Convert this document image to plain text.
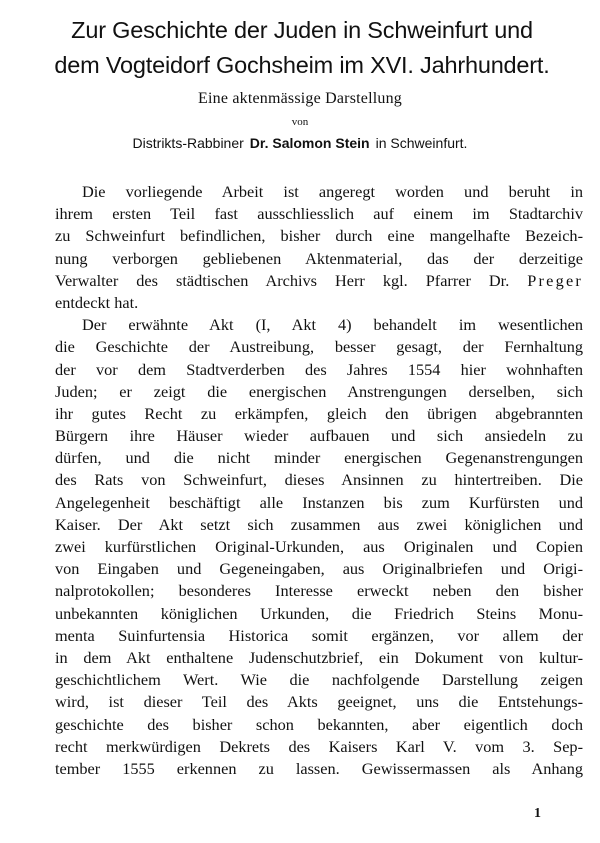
Zur Geschichte der Juden in Schweinfurt und
dem Vogteidorf Gochsheim im XVI. Jahrhundert.
Eine aktenmässige Darstellung
von
Distrikts-Rabbiner Dr. Salomon Stein in Schweinfurt.
Die vorliegende Arbeit ist angeregt worden und beruht in
ihrem ersten Teil fast ausschliesslich auf einem im Stadtarchiv
zu Schweinfurt befindlichen, bisher durch eine mangelhafte Bezeich-
nung verborgen gebliebenen Aktenmaterial, das der derzeitige
Verwalter des städtischen Archivs Herr kgl. Pfarrer Dr. Preger
entdeckt hat.
Der erwähnte Akt (I, Akt 4) behandelt im wesentlichen
die Geschichte der Austreibung, besser gesagt, der Fernhaltung
der vor dem Stadtverderben des Jahres 1554 hier wohnhaften
Juden; er zeigt die energischen Anstrengungen derselben, sich
ihr gutes Recht zu erkämpfen, gleich den übrigen abgebrannten
Bürgern ihre Häuser wieder aufbauen und sich ansiedeln zu
dürfen, und die nicht minder energischen Gegenanstrengungen
des Rats von Schweinfurt, dieses Ansinnen zu hintertreiben. Die
Angelegenheit beschäftigt alle Instanzen bis zum Kurfürsten und
Kaiser. Der Akt setzt sich zusammen aus zwei königlichen und
zwei kurfürstlichen Original-Urkunden, aus Originalen und Copien
von Eingaben und Gegeneingaben, aus Originalbriefen und Origi-
nalprotokollen; besonderes Interesse erweckt neben den bisher
unbekannten königlichen Urkunden, die Friedrich Steins Monu-
menta Suinfurtensia Historica somit ergänzen, vor allem der
in dem Akt enthaltene Judenschutzbrief, ein Dokument von kultur-
geschichtlichem Wert. Wie die nachfolgende Darstellung zeigen
wird, ist dieser Teil des Akts geeignet, uns die Entstehungs-
geschichte des bisher schon bekannten, aber eigentlich doch
recht merkwürdigen Dekrets des Kaisers Karl V. vom 3. Sep-
tember 1555 erkennen zu lassen. Gewissermassen als Anhang
1
